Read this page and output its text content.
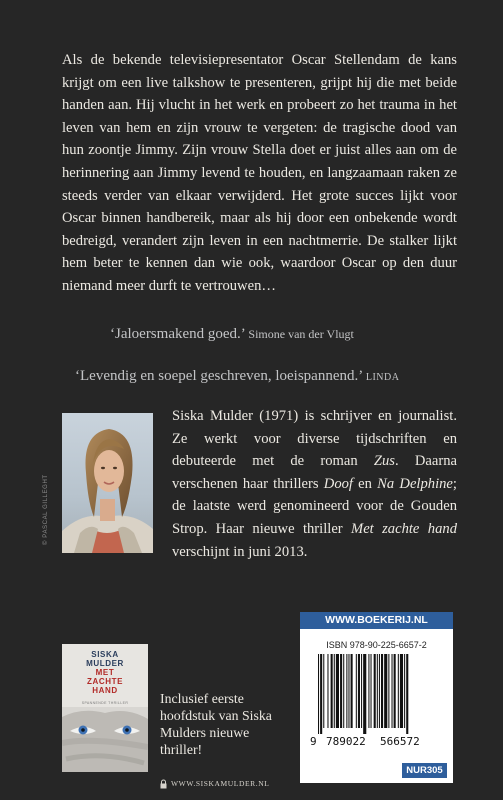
Als de bekende televisiepresentator Oscar Stellendam de kans krijgt om een live talkshow te presenteren, grijpt hij die met beide handen aan. Hij vlucht in het werk en probeert zo het trauma in het leven van hem en zijn vrouw te vergeten: de tragische dood van hun zoontje Jimmy. Zijn vrouw Stella doet er juist alles aan om de herinnering aan Jimmy levend te houden, en langzaamaan raken ze steeds verder van elkaar verwijderd. Het grote succes lijkt voor Oscar binnen handbereik, maar als hij door een onbekende wordt bedreigd, verandert zijn leven in een nachtmerrie. De stalker lijkt hem beter te kennen dan wie ook, waardoor Oscar op den duur niemand meer durft te vertrouwen…

‘Jaloersmakend goed.’ Simone van der Vlugt
‘Levendig en soepel geschreven, loeispannend.’ LINDA
© PASCAL GILLEGHT

Siska Mulder (1971) is schrijver en journalist. Ze werkt voor diverse tijdschriften en debuteerde met de roman Zus. Daarna verschenen haar thrillers Doof en Na Delphine; de laatste werd genomineerd voor de Gouden Strop. Haar nieuwe thriller Met zachte hand verschijnt in juni 2013.

SISKA
MULDER
MET
ZACHTE
HAND
SPANNENDE THRILLER	Inclusief eerste hoofdstuk van Siska Mulders nieuwe thriller!

WWW.SISKAMULDER.NL
WWW.BOEKERIJ.NL
ISBN 978-90-225-6657-2
9 789022 566572
NUR305
